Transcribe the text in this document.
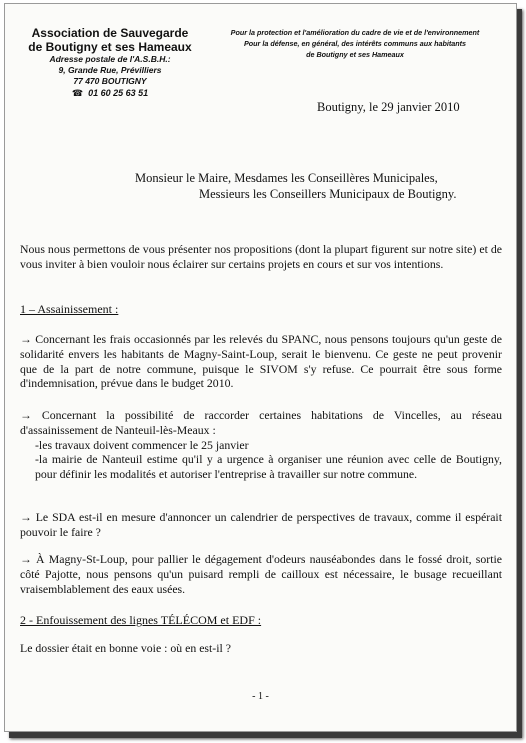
Association de Sauvegarde
de Boutigny et ses Hameaux
Adresse postale de l'A.S.B.H.:
9, Grande Rue, Prévilliers
77 470 BOUTIGNY
☎ 01 60 25 63 51
Pour la protection et l'amélioration du cadre de vie et de l'environnement
Pour la défense, en général, des intérêts communs aux habitants
de Boutigny et ses Hameaux
Boutigny, le 29 janvier 2010
Monsieur le Maire, Mesdames les Conseillères Municipales,
Messieurs les Conseillers Municipaux de Boutigny.

Nous nous permettons de vous présenter nos propositions (dont la plupart figurent sur notre site) et de vous inviter à bien vouloir nous éclairer sur certains projets en cours et sur vos intentions.

1 – Assainissement :

→ Concernant les frais occasionnés par les relevés du SPANC, nous pensons toujours qu'un geste de solidarité envers les habitants de Magny-Saint-Loup, serait le bienvenu. Ce geste ne peut provenir que de la part de notre commune, puisque le SIVOM s'y refuse. Ce pourrait être sous forme d'indemnisation, prévue dans le budget 2010.

→ Concernant la possibilité de raccorder certaines habitations de Vincelles, au réseau d'assainissement de Nanteuil-lès-Meaux :

-les travaux doivent commencer le 25 janvier

-la mairie de Nanteuil estime qu'il y a urgence à organiser une réunion avec celle de Boutigny, pour définir les modalités et autoriser l'entreprise à travailler sur notre commune.

→ Le SDA est-il en mesure d'annoncer un calendrier de perspectives de travaux, comme il espérait pouvoir le faire ?

→ À Magny-St-Loup, pour pallier le dégagement d'odeurs nauséabondes dans le fossé droit, sortie côté Pajotte, nous pensons qu'un puisard rempli de cailloux est nécessaire, le busage recueillant vraisemblablement des eaux usées.

2 - Enfouissement des lignes TÉLÉCOM et EDF :

Le dossier était en bonne voie : où en est-il ?

- 1 -
